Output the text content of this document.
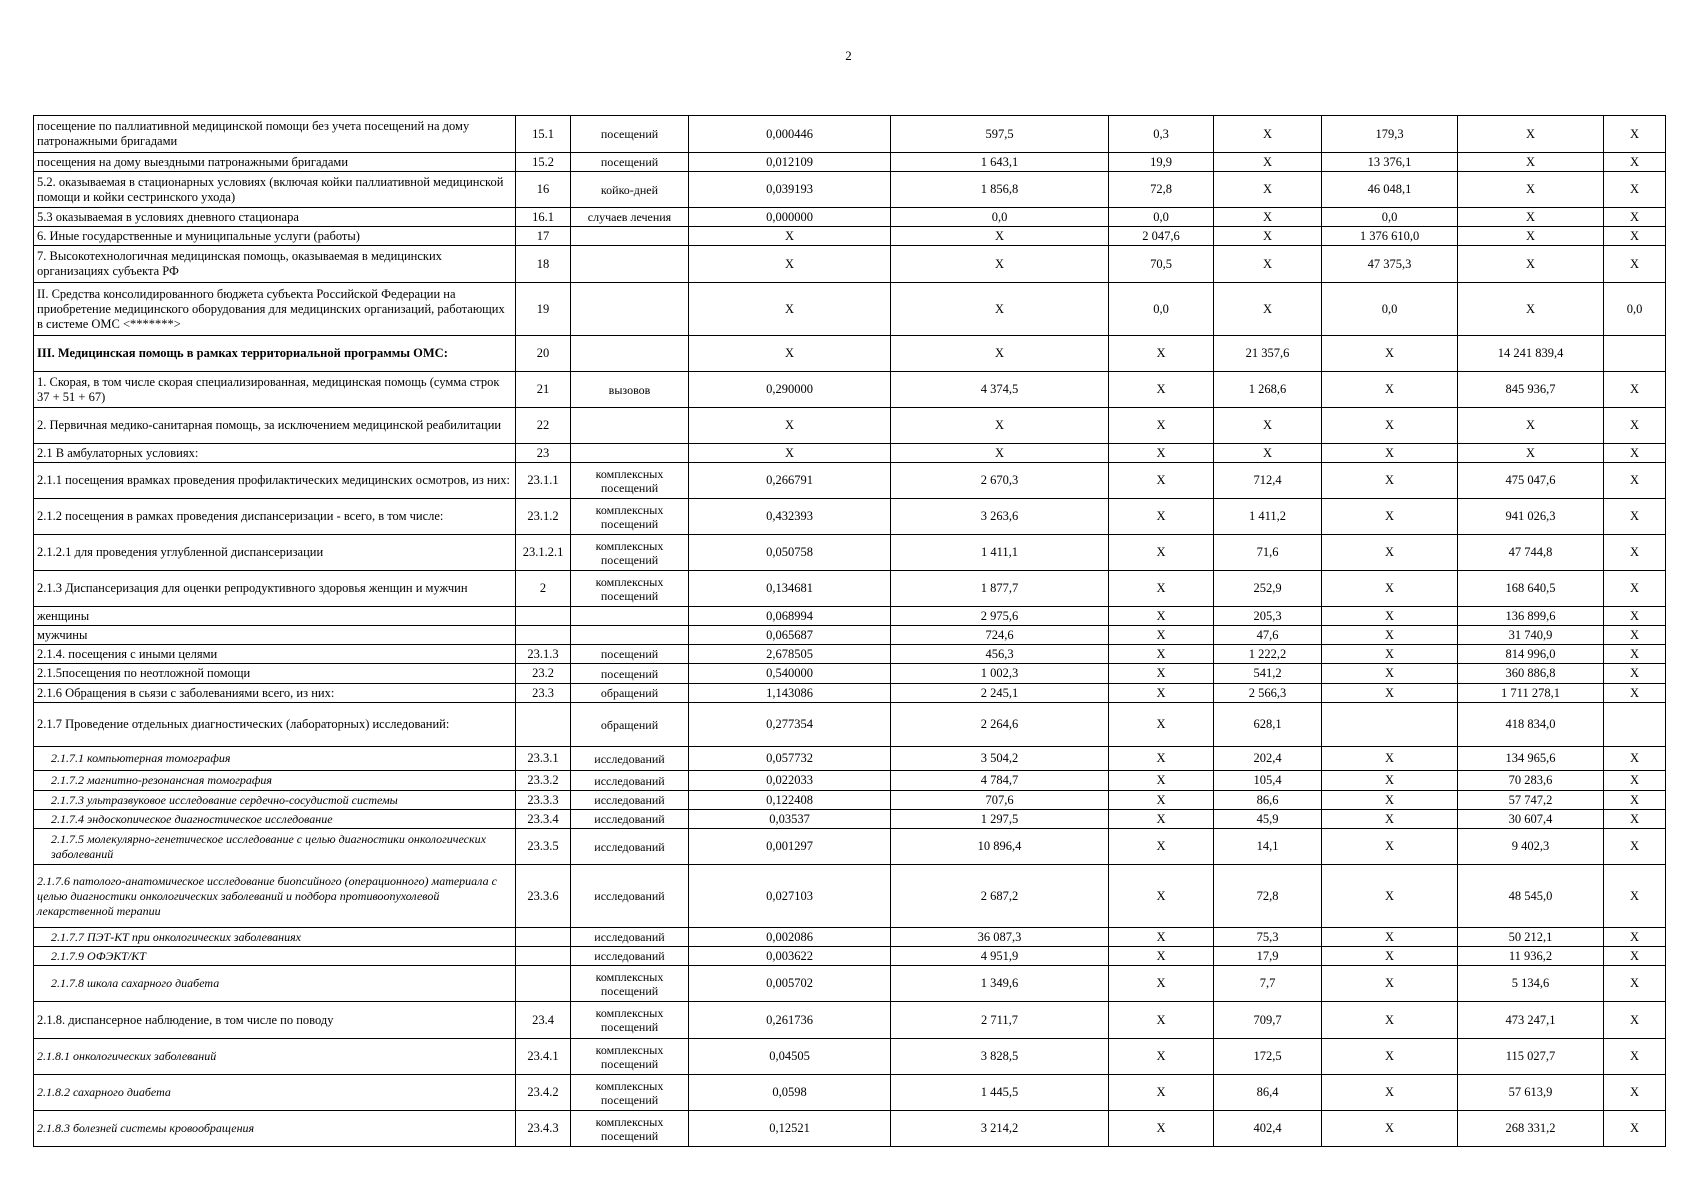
2
посещение по паллиативной медицинской помощи без учета посещений на дому патронажными бригадами	15.1	посещений	0,000446	597,5	0,3	X	179,3	X	X
посещения на дому выездными патронажными бригадами	15.2	посещений	0,012109	1 643,1	19,9	X	13 376,1	X	X
5.2. оказываемая в стационарных условиях (включая койки паллиативной медицинской помощи и койки сестринского ухода)	16	койко-дней	0,039193	1 856,8	72,8	X	46 048,1	X	X
5.3 оказываемая в условиях дневного стационара	16.1	случаев лечения	0,000000	0,0	0,0	X	0,0	X	X
6. Иные государственные и муниципальные услуги (работы)	17		X	X	2 047,6	X	1 376 610,0	X	X
7. Высокотехнологичная медицинская помощь, оказываемая в медицинских организациях субъекта РФ	18		X	X	70,5	X	47 375,3	X	X
II. Средства консолидированного бюджета субъекта Российской Федерации на приобретение медицинского оборудования для медицинских организаций, работающих в системе ОМС <*******>	19		X	X	0,0	X	0,0	X	0,0
III. Медицинская помощь в рамках территориальной программы ОМС:	20		X	X	X	21 357,6	X	14 241 839,4	
1. Скорая, в том числе скорая специализированная, медицинская помощь (сумма строк 37 + 51 + 67)	21	вызовов	0,290000	4 374,5	X	1 268,6	X	845 936,7	X
2. Первичная медико-санитарная помощь, за исключением медицинской реабилитации	22		X	X	X	X	X	X	X
2.1 В амбулаторных условиях:	23		X	X	X	X	X	X	X
2.1.1 посещения врамках проведения профилактических медицинских осмотров, из них:	23.1.1	комплексных посещений	0,266791	2 670,3	X	712,4	X	475 047,6	X
2.1.2 посещения в рамках проведения диспансеризации - всего, в том числе:	23.1.2	комплексных посещений	0,432393	3 263,6	X	1 411,2	X	941 026,3	X
2.1.2.1 для проведения углубленной диспансеризации	23.1.2.1	комплексных посещений	0,050758	1 411,1	X	71,6	X	47 744,8	X
2.1.3 Диспансеризация для оценки репродуктивного здоровья женщин и мужчин	2	комплексных посещений	0,134681	1 877,7	X	252,9	X	168 640,5	X
женщины			0,068994	2 975,6	X	205,3	X	136 899,6	X
мужчины			0,065687	724,6	X	47,6	X	31 740,9	X
2.1.4. посещения с иными целями	23.1.3	посещений	2,678505	456,3	X	1 222,2	X	814 996,0	X
2.1.5посещения по неотложной помощи	23.2	посещений	0,540000	1 002,3	X	541,2	X	360 886,8	X
2.1.6 Обращения в сьязи с заболеваниями всего, из них:	23.3	обращений	1,143086	2 245,1	X	2 566,3	X	1 711 278,1	X
2.1.7 Проведение отдельных диагностических (лабораторных) исследований:		обращений	0,277354	2 264,6	X	628,1		418 834,0	
2.1.7.1 компьютерная томография	23.3.1	исследований	0,057732	3 504,2	X	202,4	X	134 965,6	X
2.1.7.2 магнитно-резонансная томография	23.3.2	исследований	0,022033	4 784,7	X	105,4	X	70 283,6	X
2.1.7.3 ультразвуковое исследование сердечно-сосудистой системы	23.3.3	исследований	0,122408	707,6	X	86,6	X	57 747,2	X
2.1.7.4 эндоскопическое диагностическое исследование	23.3.4	исследований	0,03537	1 297,5	X	45,9	X	30 607,4	X
2.1.7.5 молекулярно-генетическое исследование с целью диагностики онкологических заболеваний	23.3.5	исследований	0,001297	10 896,4	X	14,1	X	9 402,3	X
2.1.7.6 патолого-анатомическое исследование биопсийного (операционного) материала с целью диагностики онкологических заболеваний и подбора противоопухолевой лекарственной терапии	23.3.6	исследований	0,027103	2 687,2	X	72,8	X	48 545,0	X
2.1.7.7 ПЭТ-КТ при онкологических заболеваниях		исследований	0,002086	36 087,3	X	75,3	X	50 212,1	X
2.1.7.9 ОФЭКТ/КТ		исследований	0,003622	4 951,9	X	17,9	X	11 936,2	X
2.1.7.8 школа сахарного диабета		комплексных посещений	0,005702	1 349,6	X	7,7	X	5 134,6	X
2.1.8. диспансерное наблюдение, в том числе по поводу	23.4	комплексных посещений	0,261736	2 711,7	X	709,7	X	473 247,1	X
2.1.8.1 онкологических заболеваний	23.4.1	комплексных посещений	0,04505	3 828,5	X	172,5	X	115 027,7	X
2.1.8.2 сахарного диабета	23.4.2	комплексных посещений	0,0598	1 445,5	X	86,4	X	57 613,9	X
2.1.8.3 болезней системы кровообращения	23.4.3	комплексных посещений	0,12521	3 214,2	X	402,4	X	268 331,2	X
